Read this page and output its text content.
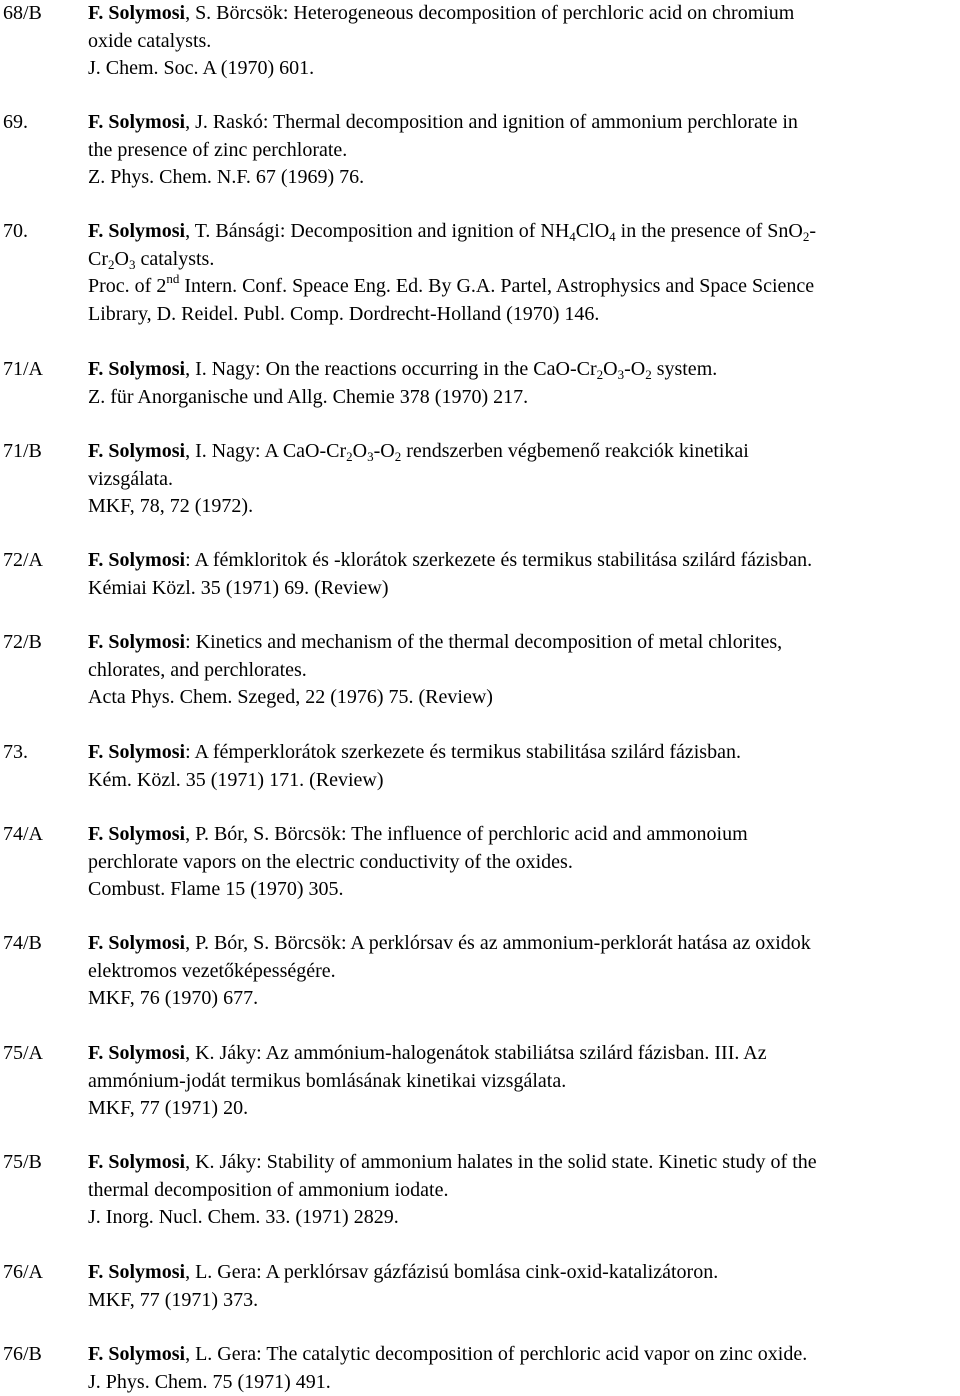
68/B F. Solymosi, S. Börcsök: Heterogeneous decomposition of perchloric acid on chromium
oxide catalysts.
J. Chem. Soc. A (1970) 601.
69.	F. Solymosi, J. Raskó: Thermal decomposition and ignition of ammonium perchlorate in
the presence of zinc perchlorate.
Z. Phys. Chem. N.F. 67 (1969) 76.
70.	F. Solymosi, T. Bánsági: Decomposition and ignition of $NH_4ClO_4$ in the presence of SnO$_2$-
$Cr_2O_3$ catalysts.
Proc. of 2nd Intern. Conf. Speace Eng. Ed. By G.A. Partel, Astrophysics and Space Science
Library, D. Reidel. Publ. Comp. Dordrecht-Holland (1970) 146.
71/A F. Solymosi, I. Nagy: On the reactions occurring in the CaO-$Cr_2O_3-O_2$ system.
Z. für Anorganische und Allg. Chemie 378 (1970) 217.
71/B F. Solymosi, I. Nagy: A CaO-$Cr_2O_3-O_2$ rendszerben végbemenő reakciók kinetikai
vizsgálata.
MKF, 78, 72 (1972).
72/A F. Solymosi: A fémkloritok és -klorátok szerkezete és termikus stabilitása szilárd fázisban.
Kémiai Közl. 35 (1971) 69. (Review)
72/B F. Solymosi: Kinetics and mechanism of the thermal decomposition of metal chlorites,
chlorates, and perchlorates.
Acta Phys. Chem. Szeged, 22 (1976) 75. (Review)
73.	F. Solymosi: A fémperklorátok szerkezete és termikus stabilitása szilárd fázisban.
Kém. Közl. 35 (1971) 171. (Review)
74/A F. Solymosi, P. Bór, S. Börcsök: The influence of perchloric acid and ammonoium
perchlorate vapors on the electric conductivity of the oxides.
Combust. Flame 15 (1970) 305.
74/B F. Solymosi, P. Bór, S. Börcsök: A perklórsav és az ammonium-perklorát hatása az oxidok
elektromos vezetőképességére.
MKF, 76 (1970) 677.
75/A F. Solymosi, K. Jáky: Az ammónium-halogenátok stabiliátsa szilárd fázisban. III. Az
ammónium-jodát termikus bomlásának kinetikai vizsgálata.
MKF, 77 (1971) 20.
75/B F. Solymosi, K. Jáky: Stability of ammonium halates in the solid state. Kinetic study of the
thermal decomposition of ammonium iodate.
J. Inorg. Nucl. Chem. 33. (1971) 2829.
76/A F. Solymosi, L. Gera: A perklórsav gázfázisú bomlása cink-oxid-katalizátoron.
MKF, 77 (1971) 373.
76/B F. Solymosi, L. Gera: The catalytic decomposition of perchloric acid vapor on zinc oxide.
J. Phys. Chem. 75 (1971) 491.
